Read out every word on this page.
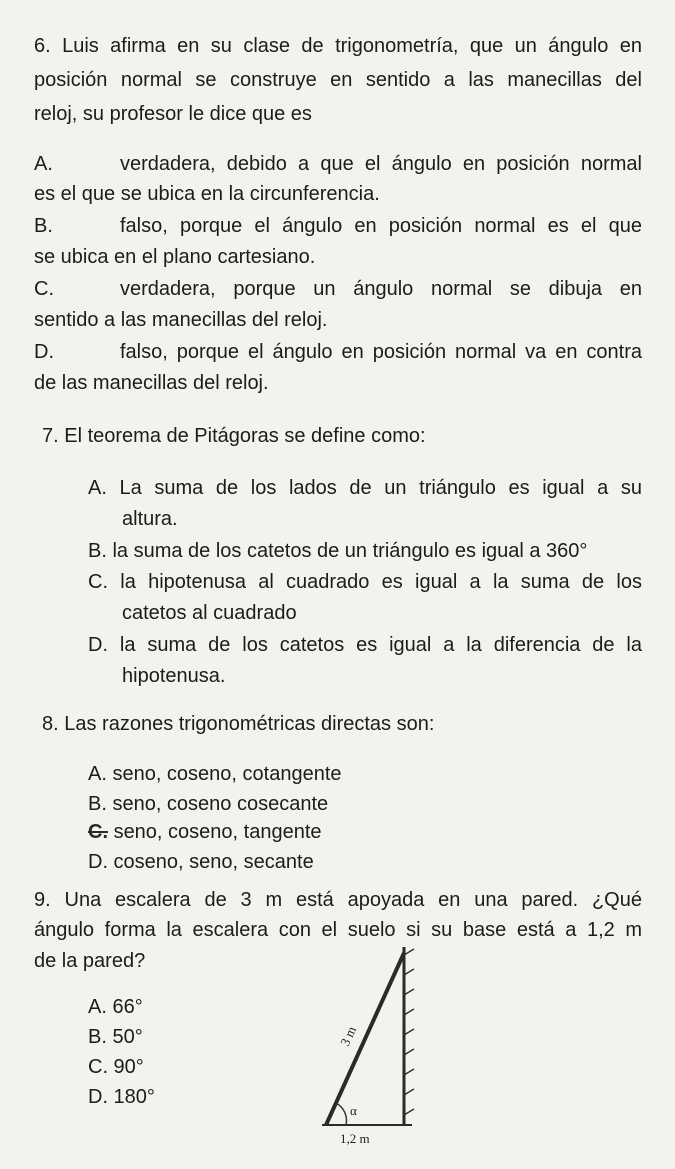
6. Luis afirma en su clase de trigonometría, que un ángulo en
posición normal se construye en sentido a las manecillas del
reloj, su profesor le dice que es
A.	verdadera, debido a que el ángulo en posición normal
es el que se ubica en la circunferencia.
B.	falso, porque el ángulo en posición normal es el que
se ubica en el plano cartesiano.
C.	verdadera, porque un ángulo normal se dibuja en
sentido a las manecillas del reloj.
D.	falso, porque el ángulo en posición normal va en contra
de las manecillas del reloj.
7. El teorema de Pitágoras se define como:
A. La suma de los lados de un triángulo es igual a su
altura.
B. la suma de los catetos de un triángulo es igual a 360°
C. la hipotenusa al cuadrado es igual a la suma de los
catetos al cuadrado
D. la suma de los catetos es igual a la diferencia de la
hipotenusa.
8. Las razones trigonométricas directas son:
A. seno, coseno, cotangente
B. seno, coseno cosecante
C. seno, coseno, tangente
D. coseno, seno, secante
9. Una escalera de 3 m está apoyada en una pared. ¿Qué
ángulo forma la escalera con el suelo si su base está a 1,2 m
de la pared?
A. 66°
B. 50°
C. 90°
D. 180°
3 m
α
1,2 m
